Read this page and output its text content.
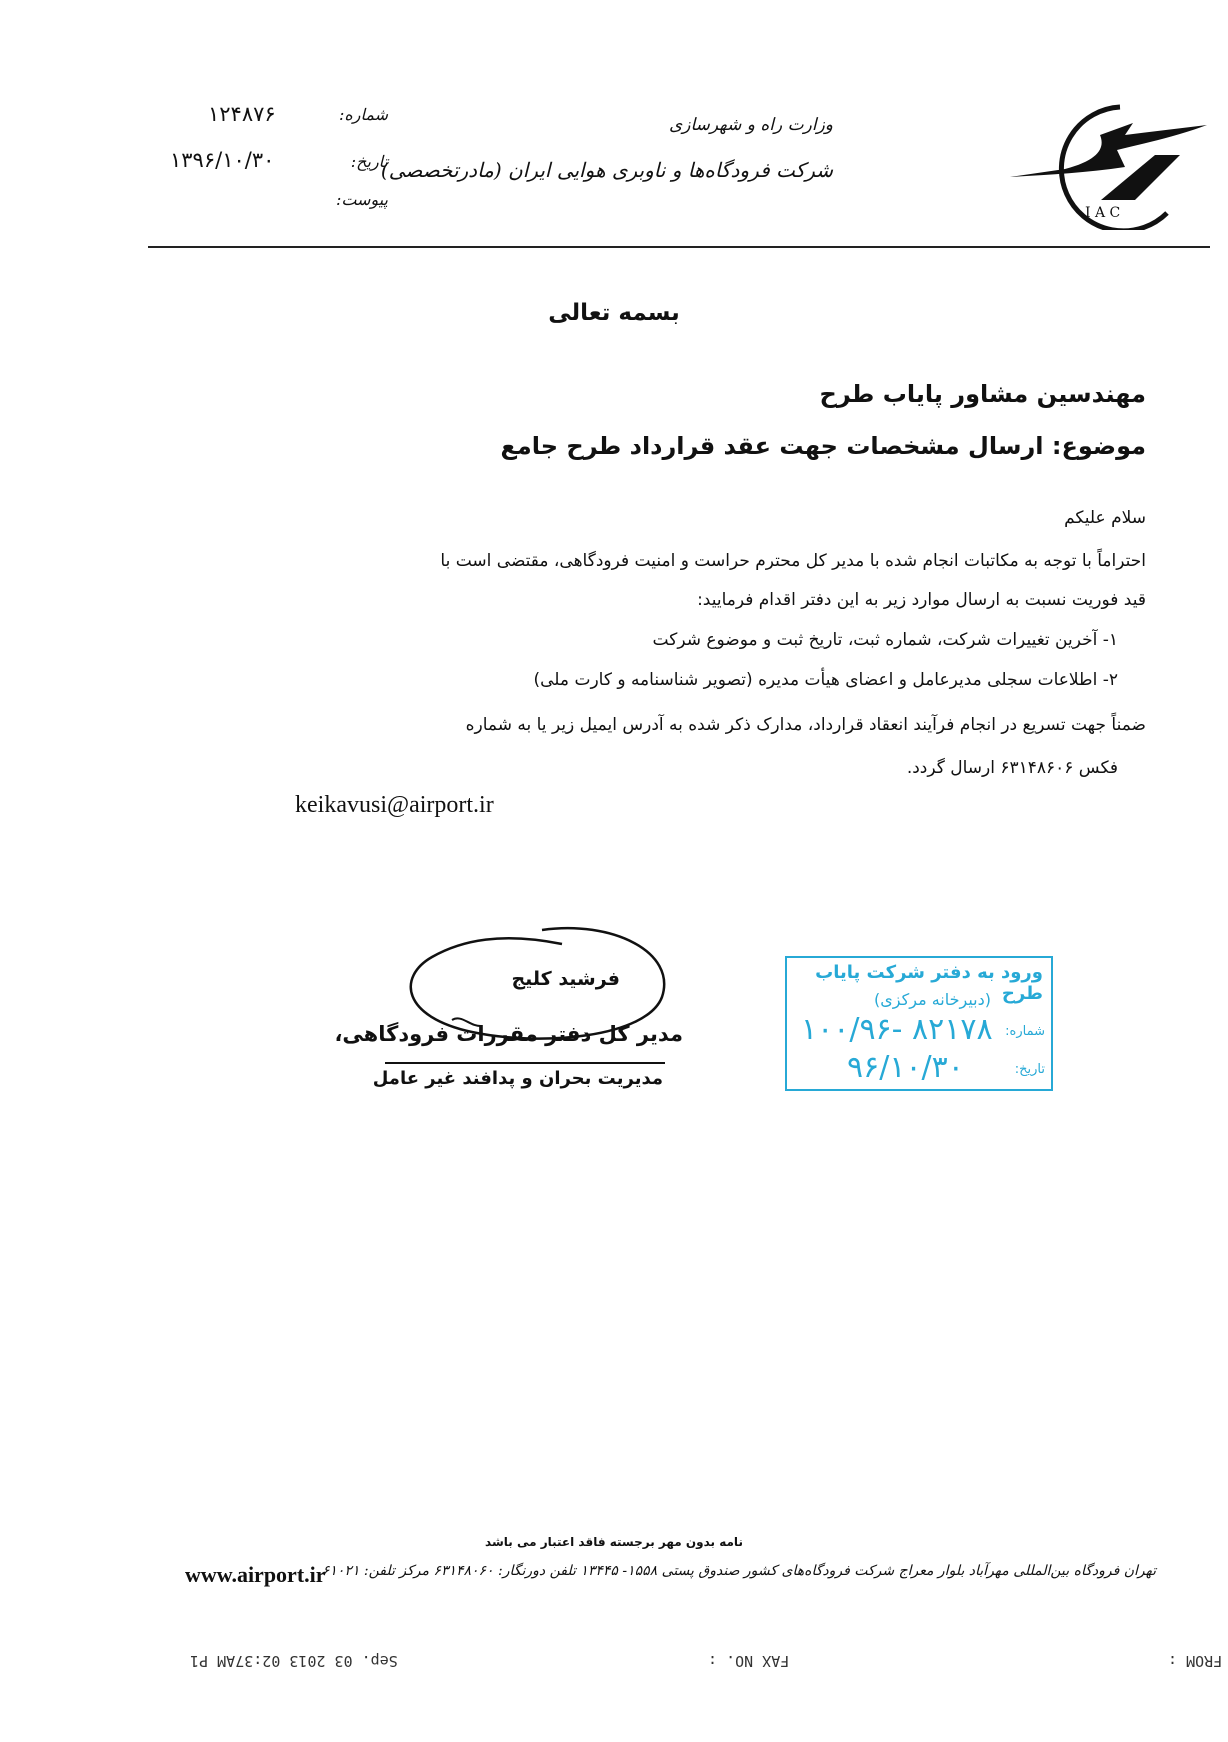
I A C
وزارت راه و شهرسازی
شرکت فرودگاه‌ها و ناوبری هوایی ایران (مادرتخصصی)
شماره:
۱۲۴۸۷۶
تاریخ:
۱۳۹۶/۱۰/۳۰
پیوست:
بسمه تعالی
مهندسین مشاور پایاب طرح
موضوع: ارسال مشخصات جهت عقد قرارداد طرح جامع
سلام علیکم
احتراماً با توجه به مکاتبات انجام شده با مدیر کل محترم حراست و امنیت فرودگاهی، مقتضی است با
قید فوریت نسبت به ارسال موارد زیر به این دفتر اقدام فرمایید:
۱- آخرین تغییرات شرکت، شماره ثبت، تاریخ ثبت و موضوع شرکت
۲- اطلاعات سجلی مدیرعامل و اعضای هیأت مدیره (تصویر شناسنامه و کارت ملی)
ضمناً جهت تسریع در انجام فرآیند انعقاد قرارداد، مدارک ذکر شده به آدرس ایمیل زیر یا به شماره
فکس ۶۳۱۴۸۶۰۶ ارسال گردد.
keikavusi@airport.ir
فرشید کلیج
مدیر کل دفتر مقررات فرودگاهی،
مدیریت بحران و پدافند غیر عامل
ورود به دفتر شرکت پایاب طرح
(دبیرخانه مرکزی)
شماره:
۱۰۰/۹۶- ۸۲۱۷۸
تاریخ:
۹۶/۱۰/۳۰
نامه بدون مهر برجسته فاقد اعتبار می باشد
تهران فرودگاه بین‌المللی مهرآباد بلوار معراج شرکت فرودگاه‌های کشور صندوق پستی ۱۵۵۸- ۱۳۴۴۵ تلفن دورنگار: ۶۳۱۴۸۰۶۰ مرکز تلفن: ۶۱۰۲۱
www.airport.ir
Sep. 03 2013 02:37AM P1	FAX NO. :	FROM :
